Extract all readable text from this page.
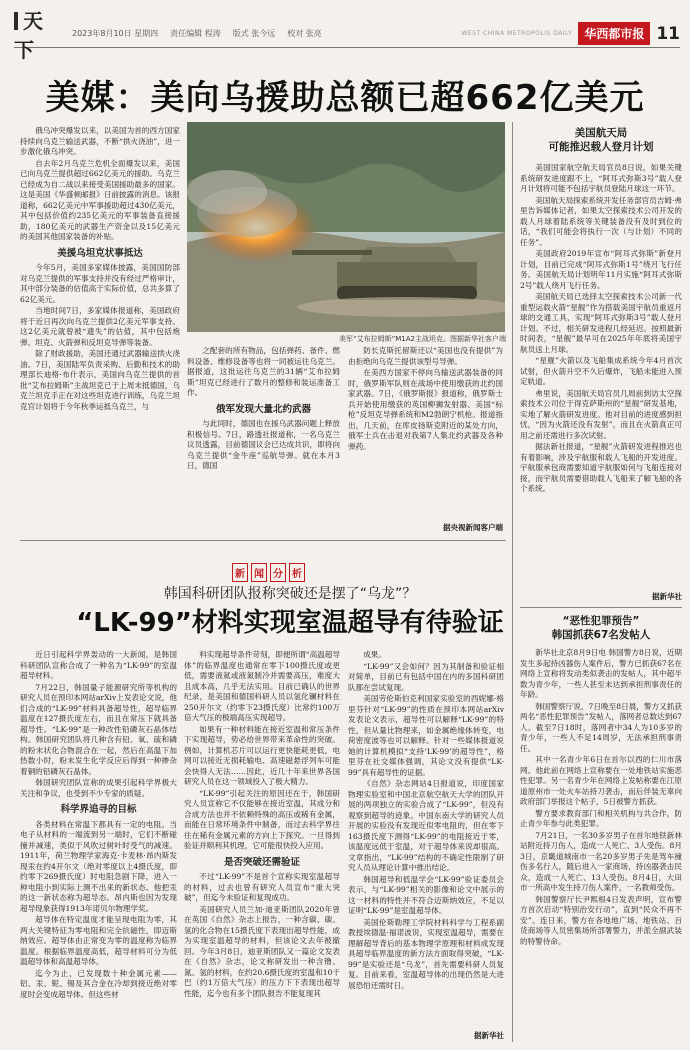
天下
2023年8月10日 星期四 责任编辑 程涛 版式 张今远 校对 张亮	WEST CHINA METROPOLIS DAILY	华西都市报 11
美媒：美向乌援助总额已超662亿美元

俄乌冲突爆发以来，以美国为首的西方国家持续向乌克兰输送武器，不断“拱火浇油”，进一步激化俄乌冲突。

自去年2月乌克兰危机全面爆发以来，美国已向乌克兰提供超过662亿美元的援助。乌克兰已经成为自二战以来接受美国援助最多的国家。这是美国《华盛顿邮报》日前披露的消息。该报道称，662亿美元中军事援助超过430亿美元，其中包括价值约235亿美元的军事装备直接援助，180亿美元的武器生产资金以及15亿美元的美国其他国家装备的补贴。

美援乌坦克状事抵达

今年5月，美国多家媒体披露，美国国防部对乌克兰提供的军事支持并没有经过严格审计，其中部分装备的估值高于实际价值，总共多算了62亿美元。

当地时间7日，多家媒体报道称，美国政府将于近日再次向乌克兰提供2亿美元军事支持。这2亿美元就曾被“遗失”的估值，其中包括炮弹、坦克、火箭弹和反坦克导弹等装备。

除了财政援助，美国还通过武器输送拱火浇油。7日，美国陆军负责采购、后勤和技术的助理部长迪格·布什表示，美国向乌克兰提供的首批“艾布拉姆斯”主战坦克已于上周末抵德国，乌克兰坦克手正在对这些坦克进行训练，乌克兰坦克官计划将于今年秋季运抵乌克兰，与

美军“艾布拉姆斯”M1A2主战坦克。图据新华社客户端

之配套的所有物品，包括弹药、备件、燃料设备、维修设备等也将一同被运往乌克兰。据报道，这批运往乌克兰的31辆“艾布拉姆斯”坦克已经进行了数月的整修和装运准备工作。

俄军发现大量北约武器

与此同时，德国也在援乌武器问题上释放积极信号。7日，路透社报道称，一名乌克兰议员透露，目前德国议会已达成共识，即将向乌克兰提供“金牛座”巡航导弹。就在本月3日，德国

防长克斯托留斯还以“美国也没有提供”为由拒绝向乌克兰提供该型号导弹。

在美西方国家不停向乌输送武器装备的同时，俄罗斯军队则在战场中使用缴获的北约国家武器。7日，《俄罗斯报》报道称，俄罗斯士兵开始使用缴获的英国柳狮发射器、美国“标枪”反坦克导弹系统和M2勃朗宁机枪。报道指出，几天前，在库皮扬斯克附近的某处方向，俄军士兵在击退对我第7人集北约武器及各种弹药。

据央视新闻客户端
美国航天局
可能推迟载人登月计划

美国国家航空航天局官员8日说，如果关键系统研发进度跟不上，“阿耳式弥斯3号”载人登月计划将可能不包括宇航员登陆月球这一环节。

美国航天局探索系统开发任务部官员吉姆·弗里告诉媒体记者，如果太空探索技术公司开发的载人月球着陆系统等关键装备没有及时到位的话，“我们可能会将执行一次（与计划）不同的任务”。

美国政府2019年宣布“阿耳式弥斯”新登月计划，目前已完成“阿耳式弥斯1号”绕月飞行任务。美国航天局计划明年11月实施“阿耳式弥斯2号”载人绕月飞行任务。

美国航天局已选择太空探索技术公司新一代重型运载火箭“星舰”作为搭载美国宇航员重返月球的交通工具，实现“阿耳式弥斯3号”载人登月计划。不过，相关研发进程几经延迟。按照最新时间表，“星舰”最早可在2025年年底将美国宇航员送上月球。

“星舰”火箭以及飞船集成系统今年4月首次试射，但火箭升空不久后爆炸，飞船未能进入预定轨道。

弗里说，美国航天局官员几周前到访太空探索技术公司位于得克萨斯州的“星舰”研发基地，实地了解火箭研发进度。他对目前的进度感到担忧，“因为火箭还没有发射”，而且在火箭真正可用之前还需进行多次试射。

据法新社报道，“星舰”火箭研发进程推迟也有着影响，涉及宇航服和载人飞船的开发进度。宇航服承包商需要知道宇航服如何与飞船连接对接，而宇航员需要借助载人飞船来了解飞船的各个系统。

据新华社
“恶性犯罪预告”
韩国抓获67名发帖人

新华社北京8月9日电 韩国警方8日说，近期发生多起持凶器伤人案件后，警方已抓获67名在网络上宣称将发动类似袭击的发帖人，其中超半数为青少年，一些人甚至未达到承担刑事责任的年龄。

韩国警察厅说，7日晚至8日晨，警方又抓获两名“恶性犯罪预告”发帖人，落网者总数达到67人。截至7日18时，落网者中34人为10多岁的青少年，一些人不足14周岁，无法承担刑事责任。

其中一名青少年6日在首尔以西的仁川市落网。他此前在网络上宣称要在一处地铁站实施恶性犯罪。另一名青少年在网络上发帖称要在江原道原州市一处火车站持刀袭击，而后伴装无辜向政府部门举报这个帖子，5日被警方抓获。

警方要求教育部门和相关机构与共合作，防止青少年参与此类犯罪。

7月21日，一名30多岁男子在首尔地铁新林站附近持刀伤人，造成一人死亡、3人受伤。8月3日，京畿道城南市一名20多岁男子先是驾车撞伤多名行人，随后进入一家商场，持凶器袭击民众，造成一人死亡、13人受伤。8月4日，大田市一所高中发生持刀伤人案件，一名教师受伤。

韩国警察厅长尹熙根4日发表声明，宣布警方首次启动“特别治安行动”，直到“民众不再不安”。连日来，警方在各地地广场、地铁站、百货商场等人员密集场所部署警力，并派全副武装的特警待命。

新 闻 分 析
韩国科研团队报称突破还是摆了“乌龙”？
“LK-99”材料实现室温超导有待验证

近日引起科学界轰动的一大新闻，是韩国科研团队宣称合成了一种名为“LK-99”的室温超导材料。

7月22日，韩国量子能源研究所等机构的研究人员在预印本网站arXiv上发表论文说，他们合成的“LK-99”材料具备超导性，超导临界温度在127摄氏度左右，而且在常压下就具备超导性。“LK-99”是一种改性铅磷灰石晶体结构。韩国研究团队将几种含有铅、氧、硫和磷的粉末状化合物混合在一起，然后在高温下加热数小时，粉末发生化学反应后得到一种掺杂着铜的铅磷灰石晶体。

韩国研究团队宣称的成果引起科学界极大关注和争议，也受到不少专家的质疑。

科学界追寻的目标

各类材料在常温下都具有一定的电阻。当电子从材料的一端流到另一端时，它们不断碰撞并减速，类似于风吹过树叶时受气的减速。1911年，荷兰物理学家海克·卡麦林·昂内斯发现汞在约4开尔文（绝对零度以上4摄氏度，即约零下269摄氏度）时电阻急剧下降，进入一种电阻小到实际上测不出来的新状态。他把汞的这一新状态称为超导态。昂内斯也因为发现超导现象获得1913年诺贝尔物理学奖。

超导体在特定温度才能呈现电阻为零，其两大关键特征为零电阻和完全抗磁性，即迈斯纳效应。超导体由正常变为零的温度称为临界温度。根据临界温度高低，超导材料可分为低温超导体和高温超导体。

迄今为止，已发现数十种金属元素——铝、汞、铌、锡及其合金在冷却到接近绝对零度时会变成超导体。但这些材

料实现超导条件苛刻，即便所谓“高温超导体”的临界温度也通常在零下100摄氏度或更低，需要液氦或液氮制冷并需要高压，难度大且成本高，几乎无法实用。目前已确认的世界纪录，是美国和德国科研人员以氢化镧材料在250开尔文（约零下23摄氏度）比常约100万倍大气压的极端高压实现超导。

如果有一种材料能在接近室温和常压条件下实现超导，势必给世界带来革命性的突破。例如，计算机芯片可以运行更快能耗更低，电网可以接近无损耗输电、高速磁悬浮列车可能会快得人无法……因此，近几十年来世界各国研究人员在这一领域投入了极大精力。

“LK-99”引起关注的原因还在于，韩国研究人员宣称它不仅能够在接近室温，其成分和合成方法也并不依赖特殊的高压或稀有金属，而能在日常环境条件中制备，而过去科学界往往在稀有金属元素的方向上下探究。一旦得到验证并顺利其机理，它可能很快投入应用。

是否突破还需验证

不过“LK-99”不是首个宣称实现室温超导的材料，过去也曾有研究人员宣布“重大突破”，但迄今未验证和复现成功。

美国研究人员兰加·迪亚斯团队2020年曾在英国《自然》杂志上报告，一种含碳、碳、氢的化合物在15摄氏度下表现出超导性能，成为实现室温超导的材料，但该论文去年被撤回。今年3月8日，迪亚斯团队又一篇论文发表在《自然》杂志，论文称研发出一种含镥、氮、氢的材料，在约20.6摄氏度的室温和10千巴（约1万倍大气压）的压力下下表现出超导性能，迄今也有多个团队报告不能复现其

成果。

“LK-99”又会如何？因为其制备和验证相对简单，目前已有包括中国在内的多国科研团队都在尝试复现。

美国劳伦斯伯克利国家实验室的西妮娜·格里芬针对“LK-99”的性质在预印本网站arXiv发表论文表示，超导性可以解释“LK-99”的特性，但从量比物理来，如金属绝缘体转变，电荷密度波等也可以解释。针对一些媒体报道说她的计算机模拟“支持‘LK-99’的超导性”，格里芬在社交媒体强调，其论文没有提供“LK-99”具有超导性的证据。

《自然》杂志网站4日报道说，印度国家物理实验室和中国北京航空航天大学的团队开展的两项独立的实验合成了“LK-99”，但没有观察到超导的迹象。中国东南大学的研究人员开展的实验没有发现近似零电阻的，但在零下163摄氏度下测得“LK-99”的电阻接近于零，该温度远低于室温，对于超导体来说却很高。文章指出，“LK-99”结构的不确定性限制了研究人员从理论计算中推出结论。

韩国超导和低温学会“LK-99”验证委员会表示，与“LK-99”相关的影像和论文中展示的这一材料的特性并不符合迈斯纳效应，不足以证明“LK-99”是室温超导体。

美国伦斯勒理工学院材料科学与工程系副教授埃德温·福诺波说，实现室温超导，需要在理解超导背后的基本物理学原理和材料成发现具超导临界温度的新方法方面取得突破，“LK-99”是实验还是“乌龙”，首先需要科研人员复复。目前来看，室温超导体的出现仍然是大进展恐怕还需时日。

据新华社
